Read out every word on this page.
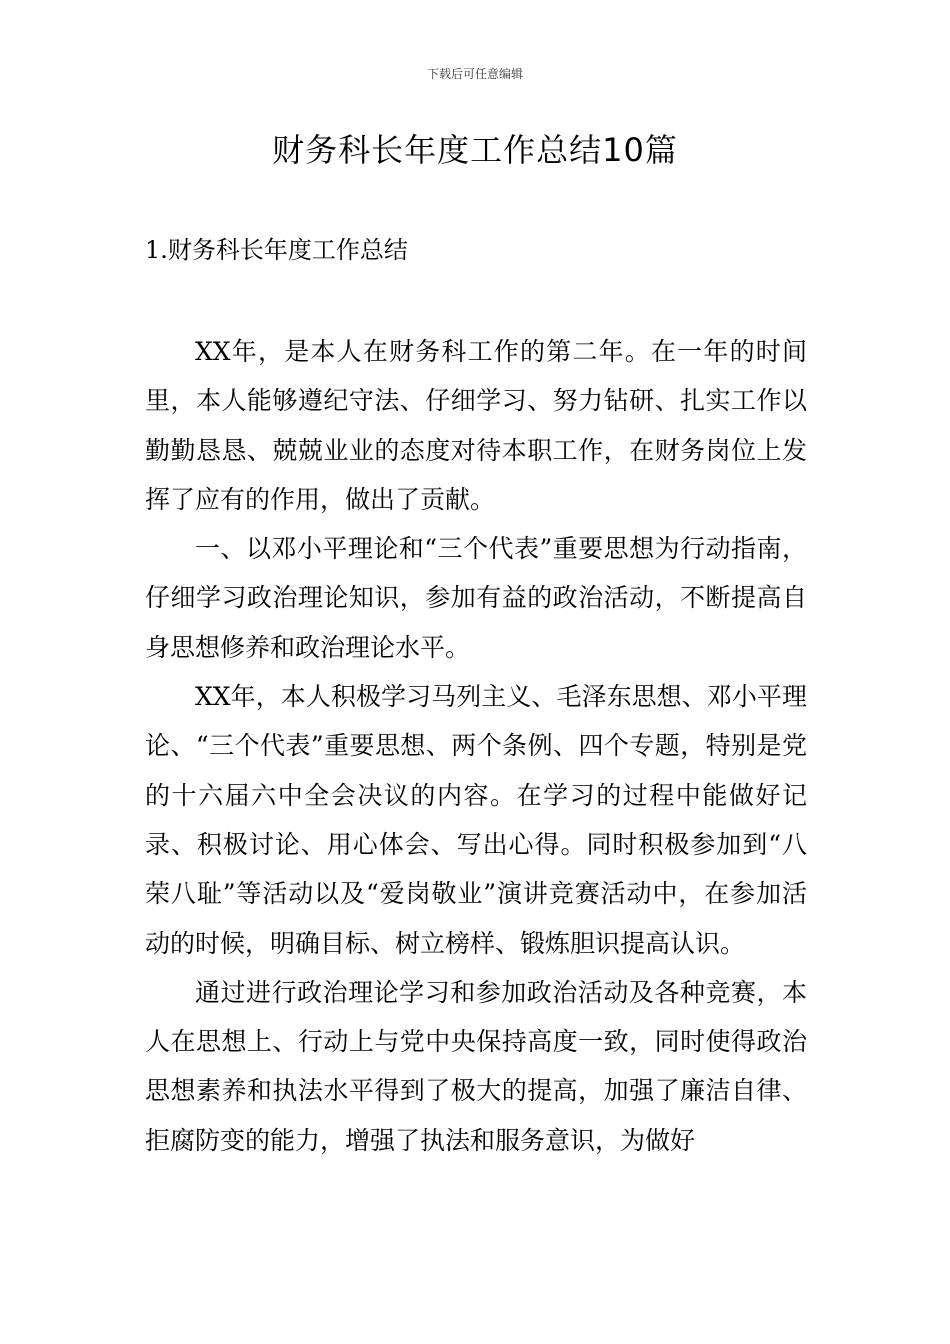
下载后可任意编辑
财务科长年度工作总结10篇
1.财务科长年度工作总结

XX年，是本人在财务科工作的第二年。在一年的时间里，本人能够遵纪守法、仔细学习、努力钻研、扎实工作以勤勤恳恳、兢兢业业的态度对待本职工作，在财务岗位上发挥了应有的作用，做出了贡献。

一、以邓小平理论和“三个代表”重要思想为行动指南，仔细学习政治理论知识，参加有益的政治活动，不断提高自身思想修养和政治理论水平。

XX年，本人积极学习马列主义、毛泽东思想、邓小平理论、“三个代表”重要思想、两个条例、四个专题，特别是党的十六届六中全会决议的内容。在学习的过程中能做好记录、积极讨论、用心体会、写出心得。同时积极参加到“八荣八耻”等活动以及“爱岗敬业”演讲竞赛活动中，在参加活动的时候，明确目标、树立榜样、锻炼胆识提高认识。

通过进行政治理论学习和参加政治活动及各种竞赛，本人在思想上、行动上与党中央保持高度一致，同时使得政治思想素养和执法水平得到了极大的提高，加强了廉洁自律、拒腐防变的能力，增强了执法和服务意识，为做好
